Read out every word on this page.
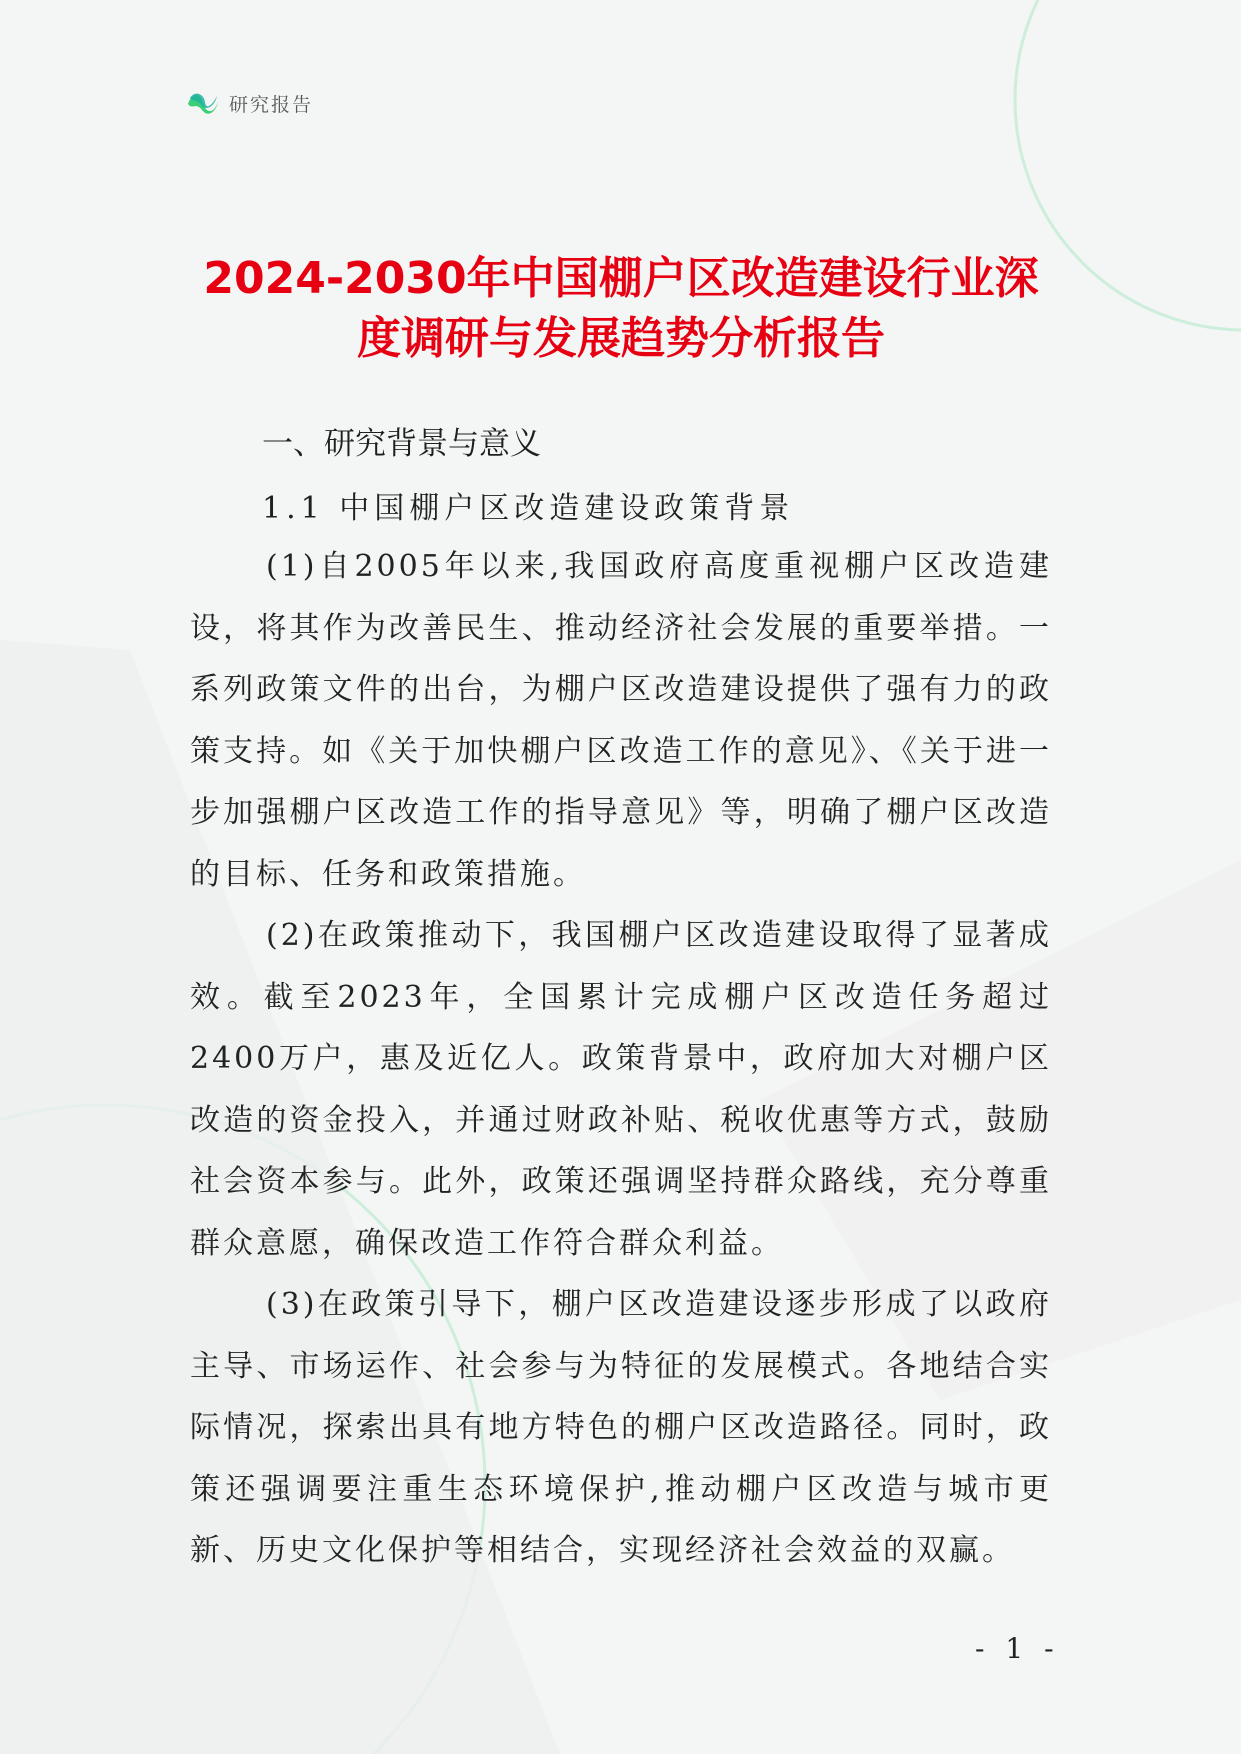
研究报告
2024-2030年中国棚户区改造建设行业深度调研与发展趋势分析报告
一、研究背景与意义
1.1 中国棚户区改造建设政策背景

(1)自2005年以来,我国政府高度重视棚户区改造建设，将其作为改善民生、推动经济社会发展的重要举措。一系列政策文件的出台，为棚户区改造建设提供了强有力的政策支持。如《关于加快棚户区改造工作的意见》、《关于进一步加强棚户区改造工作的指导意见》等，明确了棚户区改造的目标、任务和政策措施。

(2)在政策推动下，我国棚户区改造建设取得了显著成效。截至2023年，全国累计完成棚户区改造任务超过2400万户，惠及近亿人。政策背景中，政府加大对棚户区改造的资金投入，并通过财政补贴、税收优惠等方式，鼓励社会资本参与。此外，政策还强调坚持群众路线，充分尊重群众意愿，确保改造工作符合群众利益。

(3)在政策引导下，棚户区改造建设逐步形成了以政府主导、市场运作、社会参与为特征的发展模式。各地结合实际情况，探索出具有地方特色的棚户区改造路径。同时，政策还强调要注重生态环境保护,推动棚户区改造与城市更新、历史文化保护等相结合，实现经济社会效益的双赢。

- 1 -
